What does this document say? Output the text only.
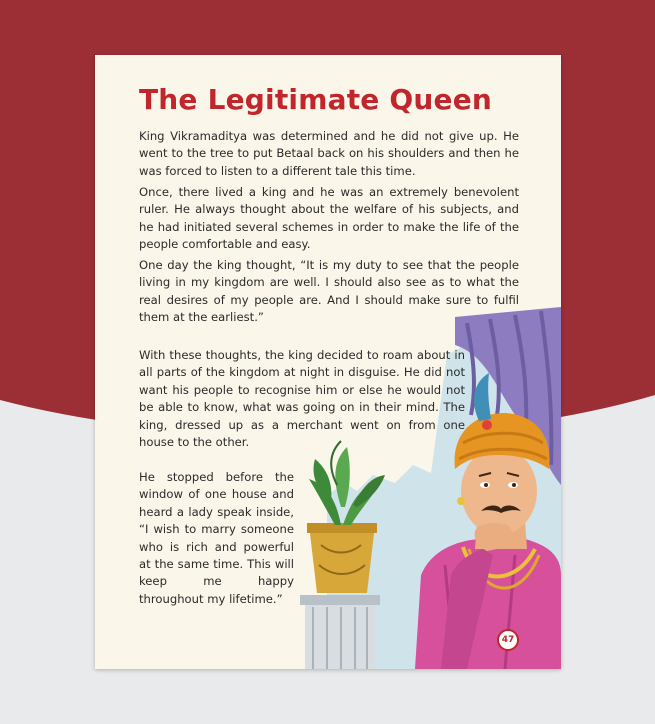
The Legitimate Queen

King Vikramaditya was determined and he did not give up. He went to the tree to put Betaal back on his shoulders and then he was forced to listen to a different tale this time.

Once, there lived a king and he was an extremely benevolent ruler. He always thought about the welfare of his subjects, and he had initiated several schemes in order to make the life of the people comfortable and easy.

One day the king thought, “It is my duty to see that the people living in my kingdom are well. I should also see as to what the real desires of my people are. And I should make sure to fulfil them at the earliest.”

With these thoughts, the king decided to roam about in all parts of the kingdom at night in disguise. He did not want his people to recognise him or else he would not be able to know, what was going on in their mind. The king, dressed up as a merchant went on from one house to the other.

He stopped before the window of one house and heard a lady speak inside, “I wish to marry someone who is rich and powerful at the same time. This will keep me happy throughout my lifetime.”

47
